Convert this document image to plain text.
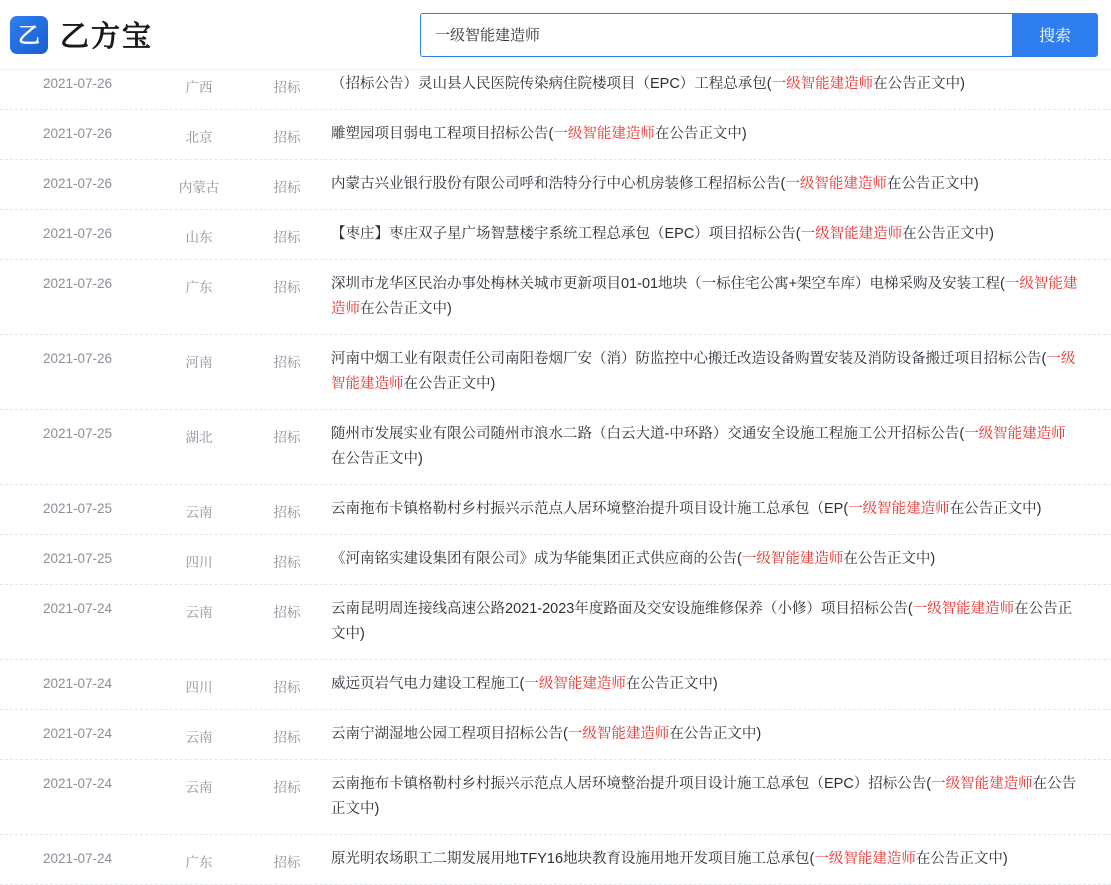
乙 乙方宝
一级智能建造师	搜索
2021-07-26	广西	招标	（招标公告）灵山县人民医院传染病住院楼项目（EPC）工程总承包(一级智能建造师在公告正文中)
2021-07-26	北京	招标	雕塑园项目弱电工程项目招标公告(一级智能建造师在公告正文中)
2021-07-26	内蒙古	招标	内蒙古兴业银行股份有限公司呼和浩特分行中心机房装修工程招标公告(一级智能建造师在公告正文中)
2021-07-26	山东	招标	【枣庄】枣庄双子星广场智慧楼宇系统工程总承包（EPC）项目招标公告(一级智能建造师在公告正文中)
2021-07-26	广东	招标	深圳市龙华区民治办事处梅林关城市更新项目01-01地块（一标住宅公寓+架空车库）电梯采购及安装工程(一级智能建造师在公告正文中)
2021-07-26	河南	招标	河南中烟工业有限责任公司南阳卷烟厂安（消）防监控中心搬迁改造设备购置安装及消防设备搬迁项目招标公告(一级智能建造师在公告正文中)
2021-07-25	湖北	招标	随州市发展实业有限公司随州市浪水二路（白云大道-中环路）交通安全设施工程施工公开招标公告(一级智能建造师在公告正文中)
2021-07-25	云南	招标	云南拖布卡镇格勒村乡村振兴示范点人居环境整治提升项目设计施工总承包（EP(一级智能建造师在公告正文中)
2021-07-25	四川	招标	《河南铭实建设集团有限公司》成为华能集团正式供应商的公告(一级智能建造师在公告正文中)
2021-07-24	云南	招标	云南昆明周连接线高速公路2021-2023年度路面及交安设施维修保养（小修）项目招标公告(一级智能建造师在公告正文中)
2021-07-24	四川	招标	威远页岩气电力建设工程施工(一级智能建造师在公告正文中)
2021-07-24	云南	招标	云南宁湖湿地公园工程项目招标公告(一级智能建造师在公告正文中)
2021-07-24	云南	招标	云南拖布卡镇格勒村乡村振兴示范点人居环境整治提升项目设计施工总承包（EPC）招标公告(一级智能建造师在公告正文中)
2021-07-24	广东	招标	原光明农场职工二期发展用地TFY16地块教育设施用地开发项目施工总承包(一级智能建造师在公告正文中)
